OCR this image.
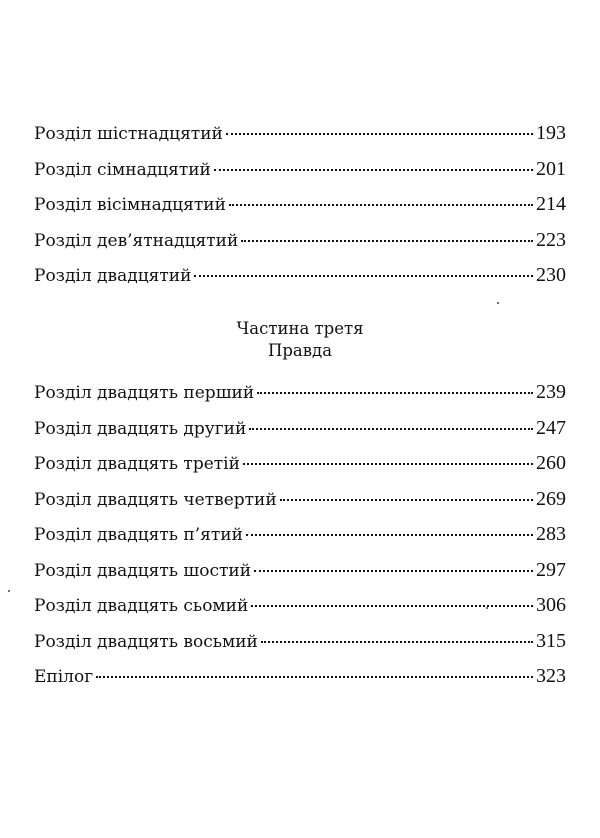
Розділ шістнадцятий	193
Розділ сімнадцятий	201
Розділ вісімнадцятий	214
Розділ дев’ятнадцятий	223
Розділ двадцятий	230
Частина третя
Правда
Розділ двадцять перший	239
Розділ двадцять другий	247
Розділ двадцять третій	260
Розділ двадцять четвертий	269
Розділ двадцять п’ятий	283
Розділ двадцять шостий	297
Розділ двадцять сьомий	306
Розділ двадцять восьмий	315
Епілог	323
